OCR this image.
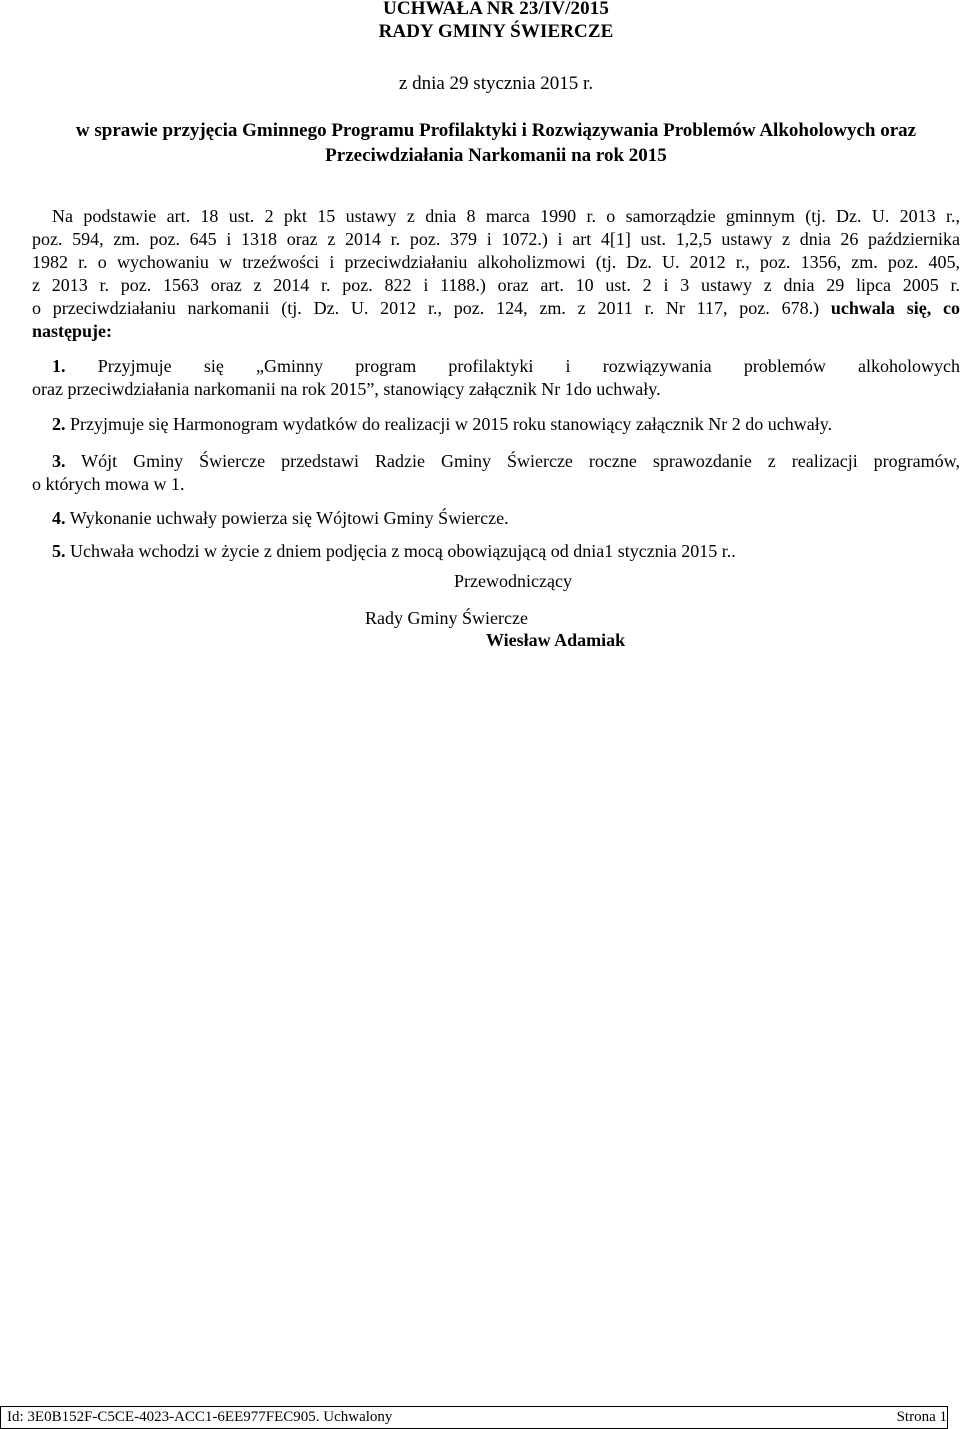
UCHWAŁA NR 23/IV/2015
RADY GMINY ŚWIERCZE
z dnia 29 stycznia 2015 r.
w sprawie przyjęcia Gminnego Programu Profilaktyki i Rozwiązywania Problemów Alkoholowych oraz
Przeciwdziałania Narkomanii na rok 2015
Na podstawie art. 18 ust. 2 pkt 15 ustawy z dnia 8 marca 1990 r. o samorządzie gminnym (tj. Dz. U. 2013 r.,
poz. 594, zm. poz. 645 i 1318 oraz z 2014 r. poz. 379 i 1072.) i art 4[1] ust. 1,2,5 ustawy z dnia 26 października
1982 r. o wychowaniu w trzeźwości i przeciwdziałaniu alkoholizmowi (tj. Dz. U. 2012 r., poz. 1356, zm. poz. 405,
z 2013 r. poz. 1563 oraz z 2014 r. poz. 822 i 1188.) oraz art. 10 ust. 2 i 3 ustawy z dnia 29 lipca 2005 r.
o przeciwdziałaniu narkomanii (tj. Dz. U. 2012 r., poz. 124, zm. z 2011 r. Nr 117, poz. 678.) uchwala się, co
następuje:
1. Przyjmuje się „Gminny program profilaktyki i rozwiązywania problemów alkoholowych
oraz przeciwdziałania narkomanii na rok 2015”, stanowiący załącznik Nr 1do uchwały.
2. Przyjmuje się Harmonogram wydatków do realizacji w 2015 roku stanowiący załącznik Nr 2 do uchwały.
3. Wójt Gminy Świercze przedstawi Radzie Gminy Świercze roczne sprawozdanie z realizacji programów,
o których mowa w 1.
4. Wykonanie uchwały powierza się Wójtowi Gminy Świercze.
5. Uchwała wchodzi w życie z dniem podjęcia z mocą obowiązującą od dnia1 stycznia 2015 r..
Przewodniczący
Rady Gminy Świercze
Wiesław Adamiak
Id: 3E0B152F-C5CE-4023-ACC1-6EE977FEC905. Uchwalony	Strona 1
